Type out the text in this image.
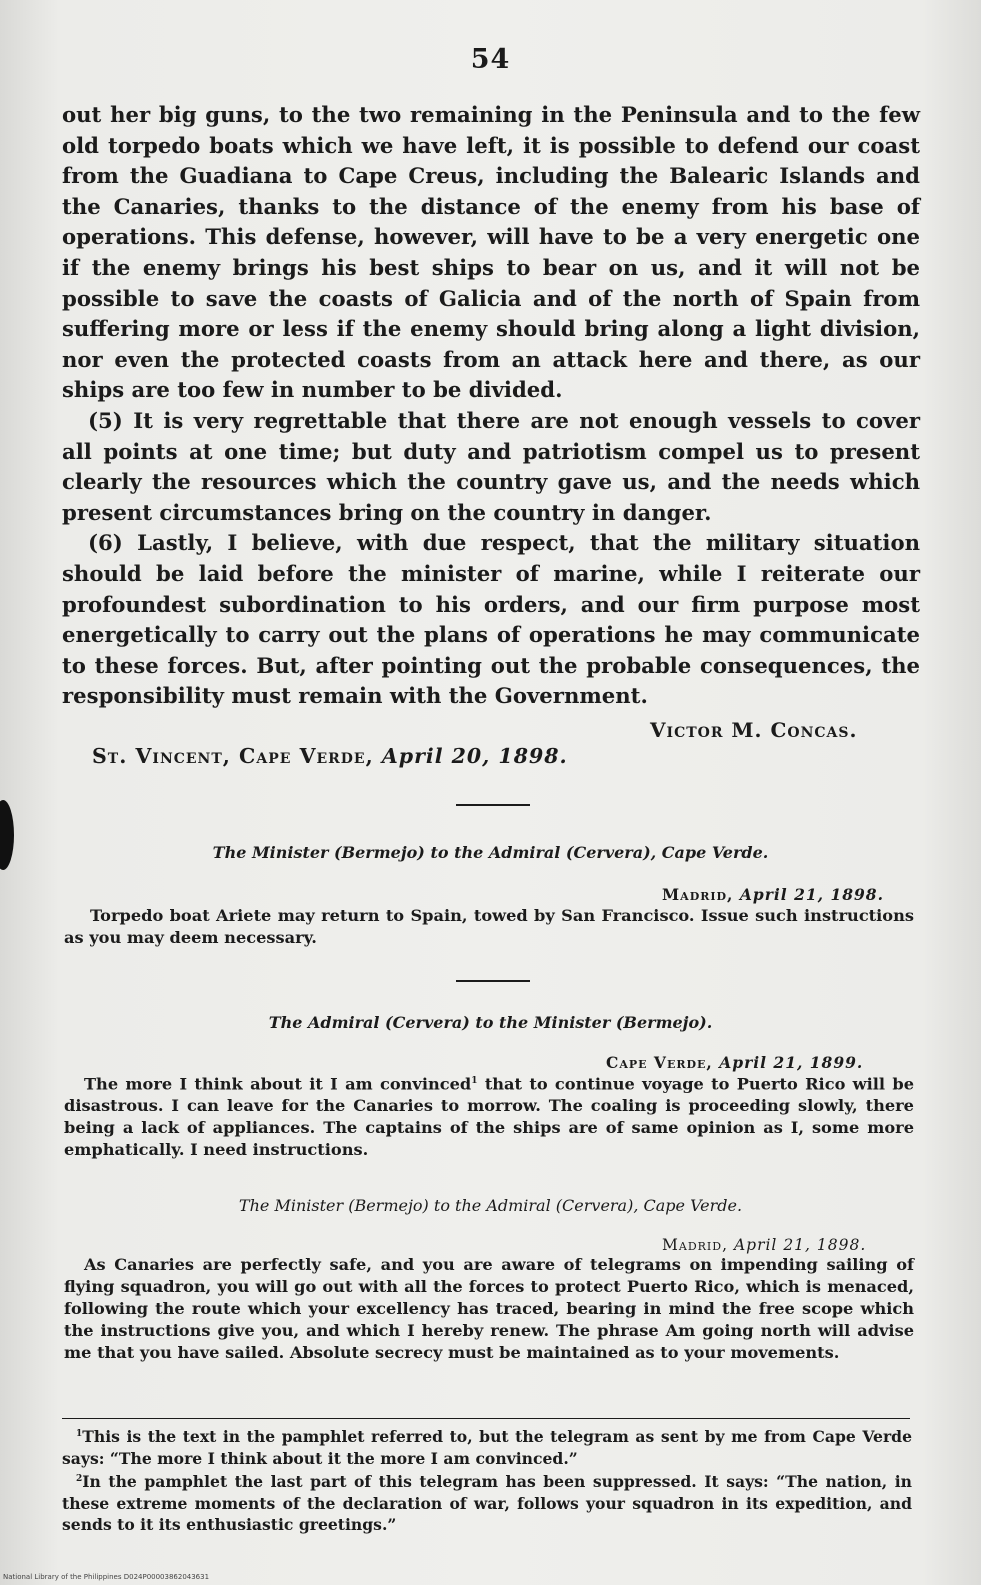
54

out her big guns, to the two remaining in the Peninsula and to the few old torpedo boats which we have left, it is possible to defend our coast from the Guadiana to Cape Creus, including the Balearic Islands and the Canaries, thanks to the distance of the enemy from his base of operations. This defense, however, will have to be a very energetic one if the enemy brings his best ships to bear on us, and it will not be possible to save the coasts of Galicia and of the north of Spain from suffering more or less if the enemy should bring along a light division, nor even the protected coasts from an attack here and there, as our ships are too few in number to be divided.

(5) It is very regrettable that there are not enough vessels to cover all points at one time; but duty and patriotism compel us to present clearly the resources which the country gave us, and the needs which present circumstances bring on the country in danger.

(6) Lastly, I believe, with due respect, that the military situation should be laid before the minister of marine, while I reiterate our profoundest subordination to his orders, and our firm purpose most energetically to carry out the plans of operations he may communicate to these forces. But, after pointing out the probable consequences, the responsibility must remain with the Government.

Victor M. Concas.
St. Vincent, Cape Verde, April 20, 1898.
The Minister (Bermejo) to the Admiral (Cervera), Cape Verde.
Madrid, April 21, 1898.

Torpedo boat Ariete may return to Spain, towed by San Francisco. Issue such instructions as you may deem necessary.

The Admiral (Cervera) to the Minister (Bermejo).
Cape Verde, April 21, 1899.

The more I think about it I am convinced$^1$ that to continue voyage to Puerto Rico will be disastrous. I can leave for the Canaries to morrow. The coaling is proceeding slowly, there being a lack of appliances. The captains of the ships are of same opinion as I, some more emphatically. I need instructions.

The Minister (Bermejo) to the Admiral (Cervera), Cape Verde.
Madrid, April 21, 1898.

As Canaries are perfectly safe, and you are aware of telegrams on impending sailing of flying squadron, you will go out with all the forces to protect Puerto Rico, which is menaced, following the route which your excellency has traced, bearing in mind the free scope which the instructions give you, and which I hereby renew. The phrase Am going north will advise me that you have sailed. Absolute secrecy must be maintained as to your movements.

$^1$This is the text in the pamphlet referred to, but the telegram as sent by me from Cape Verde says: “The more I think about it the more I am convinced.”

$^2$In the pamphlet the last part of this telegram has been suppressed. It says: “The nation, in these extreme moments of the declaration of war, follows your squadron in its expedition, and sends to it its enthusiastic greetings.”

National Library of the Philippines D024P00003862043631
